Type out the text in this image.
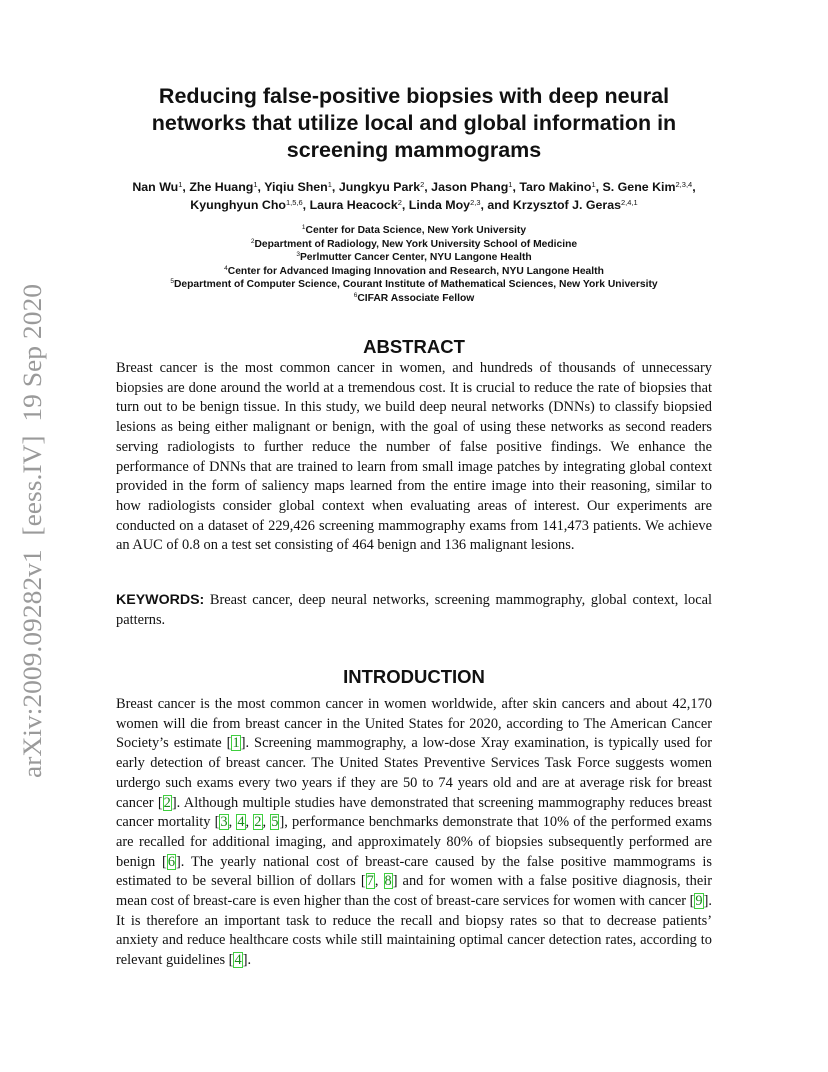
arXiv:2009.09282v1  [eess.IV]  19 Sep 2020
Reducing false-positive biopsies with deep neural
networks that utilize local and global information in
screening mammograms
Nan Wu$^1$, Zhe Huang$^1$, Yiqiu Shen$^1$, Jungkyu Park$^2$, Jason Phang$^1$, Taro Makino$^1$, S. Gene Kim$^{2,3,4}$, Kyunghyun Cho$^{1,5,6}$, Laura Heacock$^2$, Linda Moy$^{2,3}$, and Krzysztof J. Geras$^{2,4,1}$
$^1$Center for Data Science, New York University
$^2$Department of Radiology, New York University School of Medicine
$^3$Perlmutter Cancer Center, NYU Langone Health
$^4$Center for Advanced Imaging Innovation and Research, NYU Langone Health
$^5$Department of Computer Science, Courant Institute of Mathematical Sciences, New York University
$^6$CIFAR Associate Fellow
ABSTRACT
Breast cancer is the most common cancer in women, and hundreds of thousands of unnecessary biopsies are done around the world at a tremendous cost. It is crucial to reduce the rate of biopsies that turn out to be benign tissue. In this study, we build deep neural networks (DNNs) to classify biopsied lesions as being either malignant or benign, with the goal of using these networks as second readers serving radiologists to further reduce the number of false positive findings. We enhance the performance of DNNs that are trained to learn from small image patches by integrating global context provided in the form of saliency maps learned from the entire image into their reasoning, similar to how radiologists consider global context when evaluating areas of interest. Our experiments are conducted on a dataset of 229,426 screening mammography exams from 141,473 patients. We achieve an AUC of 0.8 on a test set consisting of 464 benign and 136 malignant lesions.
KEYWORDS: Breast cancer, deep neural networks, screening mammography, global context, local patterns.
INTRODUCTION
Breast cancer is the most common cancer in women worldwide, after skin cancers and about 42,170 women will die from breast cancer in the United States for 2020, according to The American Cancer Society’s estimate [1]. Screening mammography, a low-dose Xray examination, is typically used for early detection of breast cancer. The United States Preventive Services Task Force suggests women urdergo such exams every two years if they are 50 to 74 years old and are at average risk for breast cancer [2]. Although multiple studies have demonstrated that screening mammography reduces breast cancer mortality [3, 4, 2, 5], performance benchmarks demonstrate that 10% of the performed exams are recalled for additional imaging, and approximately 80% of biopsies subsequently performed are benign [6]. The yearly national cost of breast-care caused by the false positive mammograms is estimated to be several billion of dollars [7, 8] and for women with a false positive diagnosis, their mean cost of breast-care is even higher than the cost of breast-care services for women with cancer [9]. It is therefore an important task to reduce the recall and biopsy rates so that to decrease patients’ anxiety and reduce healthcare costs while still maintaining optimal cancer detection rates, according to relevant guidelines [4].
